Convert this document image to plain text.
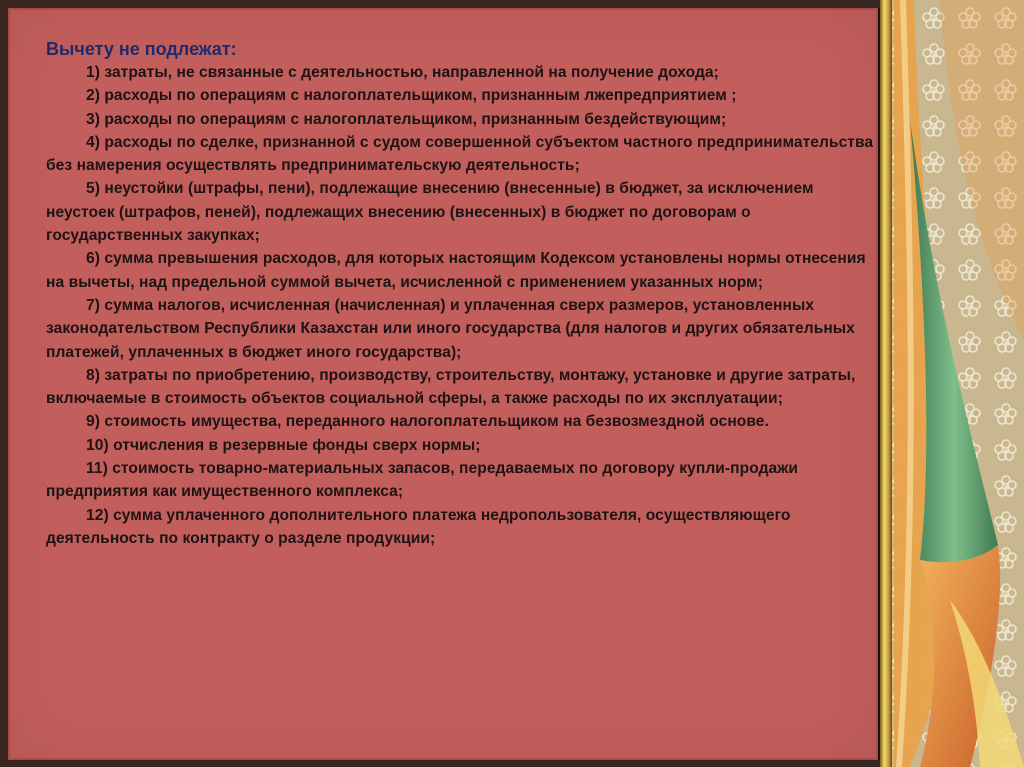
Вычету не подлежат:

1) затраты, не связанные с деятельностью, направленной на получение дохода;

2) расходы по операциям с налогоплательщиком, признанным лжепредприятием ;

3) расходы по операциям с налогоплательщиком, признанным бездействующим;

4) расходы по сделке, признанной с судом совершенной субъектом частного предпринимательства без намерения осуществлять предпринимательскую деятельность;

5) неустойки (штрафы, пени), подлежащие внесению (внесенные) в бюджет, за исключением неустоек (штрафов, пеней), подлежащих внесению (внесенных) в бюджет по договорам о государственных закупках;

6) сумма превышения расходов, для которых настоящим Кодексом установлены нормы отнесения на вычеты, над предельной суммой вычета, исчисленной с применением указанных норм;

7) сумма налогов, исчисленная (начисленная) и уплаченная сверх размеров, установленных законодательством Республики Казахстан или иного государства (для налогов и других обязательных платежей, уплаченных в бюджет иного государства);

8) затраты по приобретению, производству, строительству, монтажу, установке и другие затраты, включаемые в стоимость объектов социальной сферы, а также расходы по их эксплуатации;

9) стоимость имущества, переданного налогоплательщиком на безвозмездной основе.

10) отчисления в резервные фонды сверх нормы;

11) стоимость товарно-материальных запасов, передаваемых по договору купли-продажи предприятия как имущественного комплекса;

12) сумма уплаченного дополнительного платежа недропользователя, осуществляющего деятельность по контракту о разделе продукции;
